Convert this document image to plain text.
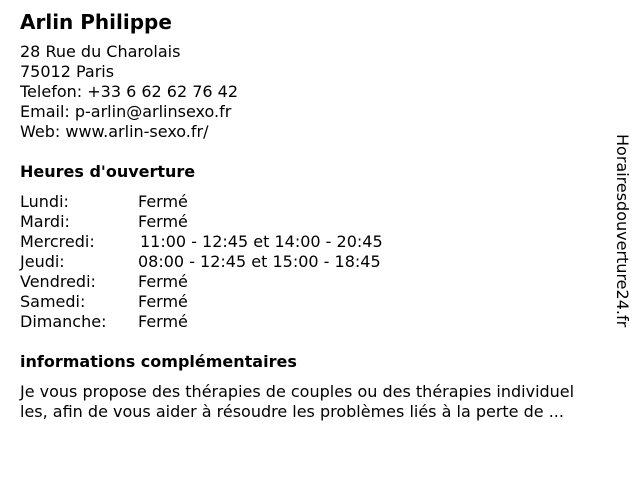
Arlin Philippe
28 Rue du Charolais
75012 Paris
Telefon: +33 6 62 62 76 42
Email: p-arlin@arlinsexo.fr
Web: www.arlin-sexo.fr/
Heures d'ouverture
Lundi:	Fermé
Mardi:	Fermé
Mercredi:	11:00 - 12:45 et 14:00 - 20:45
Jeudi:	08:00 - 12:45 et 15:00 - 18:45
Vendredi:	Fermé
Samedi:	Fermé
Dimanche: Fermé
informations complémentaires
Je vous propose des thérapies de couples ou des thérapies individuel
les, afin de vous aider à résoudre les problèmes liés à la perte de ...
Horairesdouverture24.fr
